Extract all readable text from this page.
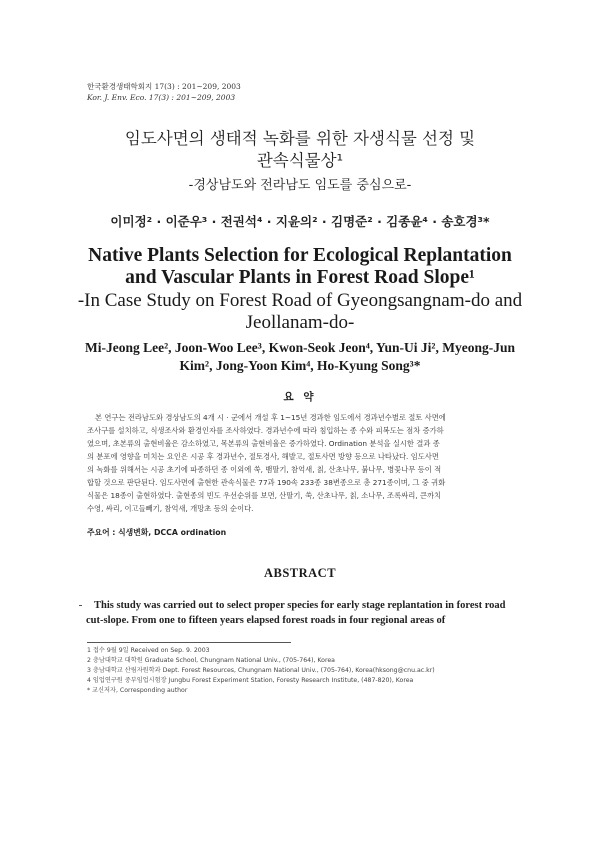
한국환경생태학회지 17(3) : 201~209, 2003
Kor. J. Env. Eco. 17(3) : 201~209, 2003
임도사면의 생태적 녹화를 위한 자생식물 선정 및
관속식물상¹
-경상남도와 전라남도 임도를 중심으로-
이미정² · 이준우³ · 전권석⁴ · 지윤의² · 김명준² · 김종윤⁴ · 송호경³*
Native Plants Selection for Ecological Replantation
and Vascular Plants in Forest Road Slope¹
-In Case Study on Forest Road of Gyeongsangnam-do and
Jeollanam-do-
Mi-Jeong Lee², Joon-Woo Lee³, Kwon-Seok Jeon⁴, Yun-Ui Ji², Myeong-Jun
Kim², Jong-Yoon Kim⁴, Ho-Kyung Song³*
요 약
본 연구는 전라남도와 경상남도의 4개 시 · 군에서 개설 후 1~15년 경과한 임도에서 경과년수별로 절토 사면에
조사구를 설치하고, 식생조사와 환경인자를 조사하였다. 경과년수에 따라 침입하는 종 수와 피복도는 점차 증가하
였으며, 초본류의 출현비율은 감소하였고, 목본류의 출현비율은 증가하였다. Ordination 분석을 실시한 결과 종
의 분포에 영향을 미치는 요인은 시공 후 경과년수, 절토경사, 해발고, 절토사면 방향 등으로 나타났다. 임도사면
의 녹화를 위해서는 시공 초기에 파종하던 종 이외에 쑥, 뱀딸기, 참억새, 칡, 산초나무, 붉나무, 병꽃나무 등이 적
합할 것으로 판단된다. 임도사면에 출현한 관속식물은 77과 190속 233종 38변종으로 총 271종이며, 그 중 귀화
식물은 18종이 출현하였다. 출현종의 빈도 우선순위를 보면, 산딸기, 쑥, 산초나무, 칡, 소나무, 조록싸리, 큰까치
수영, 싸리, 이고들빼기, 참억새, 개망초 등의 순이다.
주요어 : 식생변화, DCCA ordination
ABSTRACT
This study was carried out to select proper species for early stage replantation in forest road
cut-slope. From one to fifteen years elapsed forest roads in four regional areas of
1 접수 9월 9일 Received on Sep. 9. 2003
2 충남대학교 대학원 Graduate School, Chungnam National Univ., (705-764), Korea
3 충남대학교 산림자원학과 Dept. Forest Resources, Chungnam National Univ., (705-764), Korea(hksong@cnu.ac.kr)
4 임업연구원 중부임업시험장 Jungbu Forest Experiment Station, Foresty Research Institute, (487-820), Korea
* 교신저자, Corresponding author
